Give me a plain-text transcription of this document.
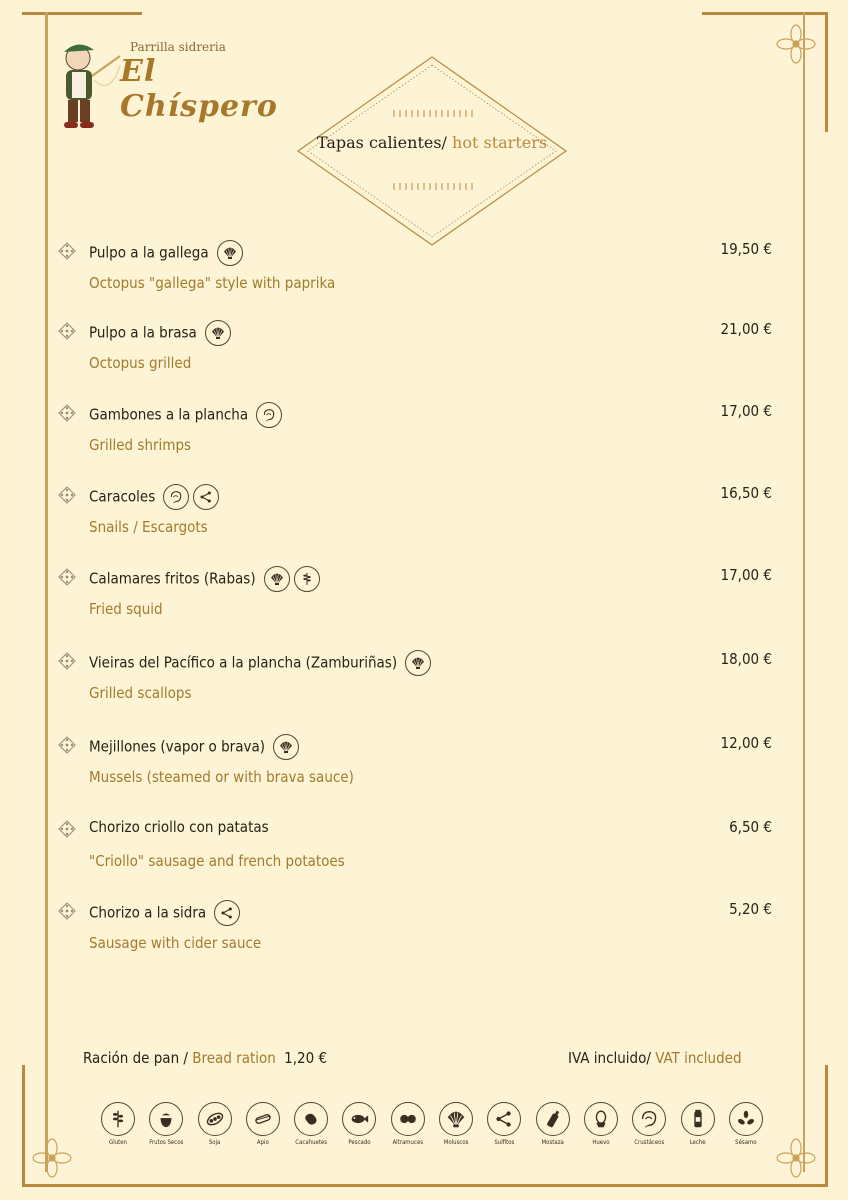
Parrilla sidreria
El Chíspero
Tapas calientes/ hot starters
Pulpo a la gallega
Octopus "gallega" style with paprika
19,50 €
Pulpo a la brasa
Octopus grilled
21,00 €
Gambones a la plancha
Grilled shrimps
17,00 €
Caracoles
Snails / Escargots
16,50 €
Calamares fritos (Rabas)
Fried squid
17,00 €
Vieiras del Pacífico a la plancha (Zamburiñas)
Grilled scallops
18,00 €
Mejillones (vapor o brava)
Mussels (steamed or with brava sauce)
12,00 €
Chorizo criollo con patatas
"Criollo" sausage and french potatoes
6,50 €
Chorizo a la sidra
Sausage with cider sauce
5,20 €
Ración de pan / Bread ration 1,20 €	IVA incluido/ VAT included
Gluten	Frutos Secos	Soja	Apio	Cacahuetes	Pescado	Altramuces	Moluscos	Sulfitos	Mostaza	Huevo	Crustáceos	Leche	Sésamo
